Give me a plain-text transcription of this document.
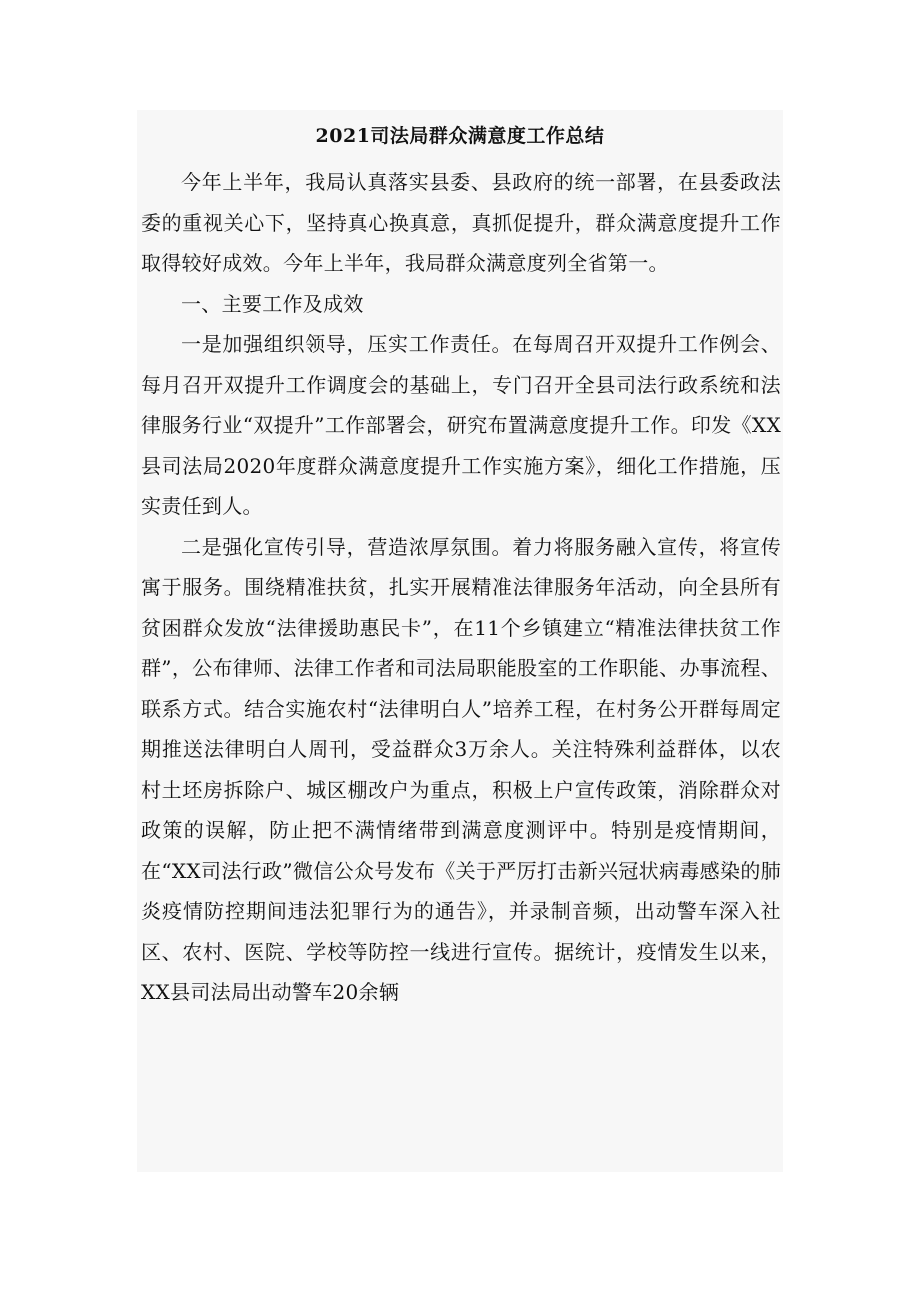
2021司法局群众满意度工作总结

今年上半年，我局认真落实县委、县政府的统一部署，在县委政法委的重视关心下，坚持真心换真意，真抓促提升，群众满意度提升工作取得较好成效。今年上半年，我局群众满意度列全省第一。

一、主要工作及成效

一是加强组织领导，压实工作责任。在每周召开双提升工作例会、每月召开双提升工作调度会的基础上，专门召开全县司法行政系统和法律服务行业“双提升”工作部署会，研究布置满意度提升工作。印发《XX县司法局2020年度群众满意度提升工作实施方案》，细化工作措施，压实责任到人。

二是强化宣传引导，营造浓厚氛围。着力将服务融入宣传，将宣传寓于服务。围绕精准扶贫，扎实开展精准法律服务年活动，向全县所有贫困群众发放“法律援助惠民卡”，在11个乡镇建立“精准法律扶贫工作群”，公布律师、法律工作者和司法局职能股室的工作职能、办事流程、联系方式。结合实施农村“法律明白人”培养工程，在村务公开群每周定期推送法律明白人周刊，受益群众3万余人。关注特殊利益群体，以农村土坯房拆除户、城区棚改户为重点，积极上户宣传政策，消除群众对政策的误解，防止把不满情绪带到满意度测评中。特别是疫情期间，在“XX司法行政”微信公众号发布《关于严厉打击新兴冠状病毒感染的肺炎疫情防控期间违法犯罪行为的通告》，并录制音频，出动警车深入社区、农村、医院、学校等防控一线进行宣传。据统计，疫情发生以来，XX县司法局出动警车20余辆
